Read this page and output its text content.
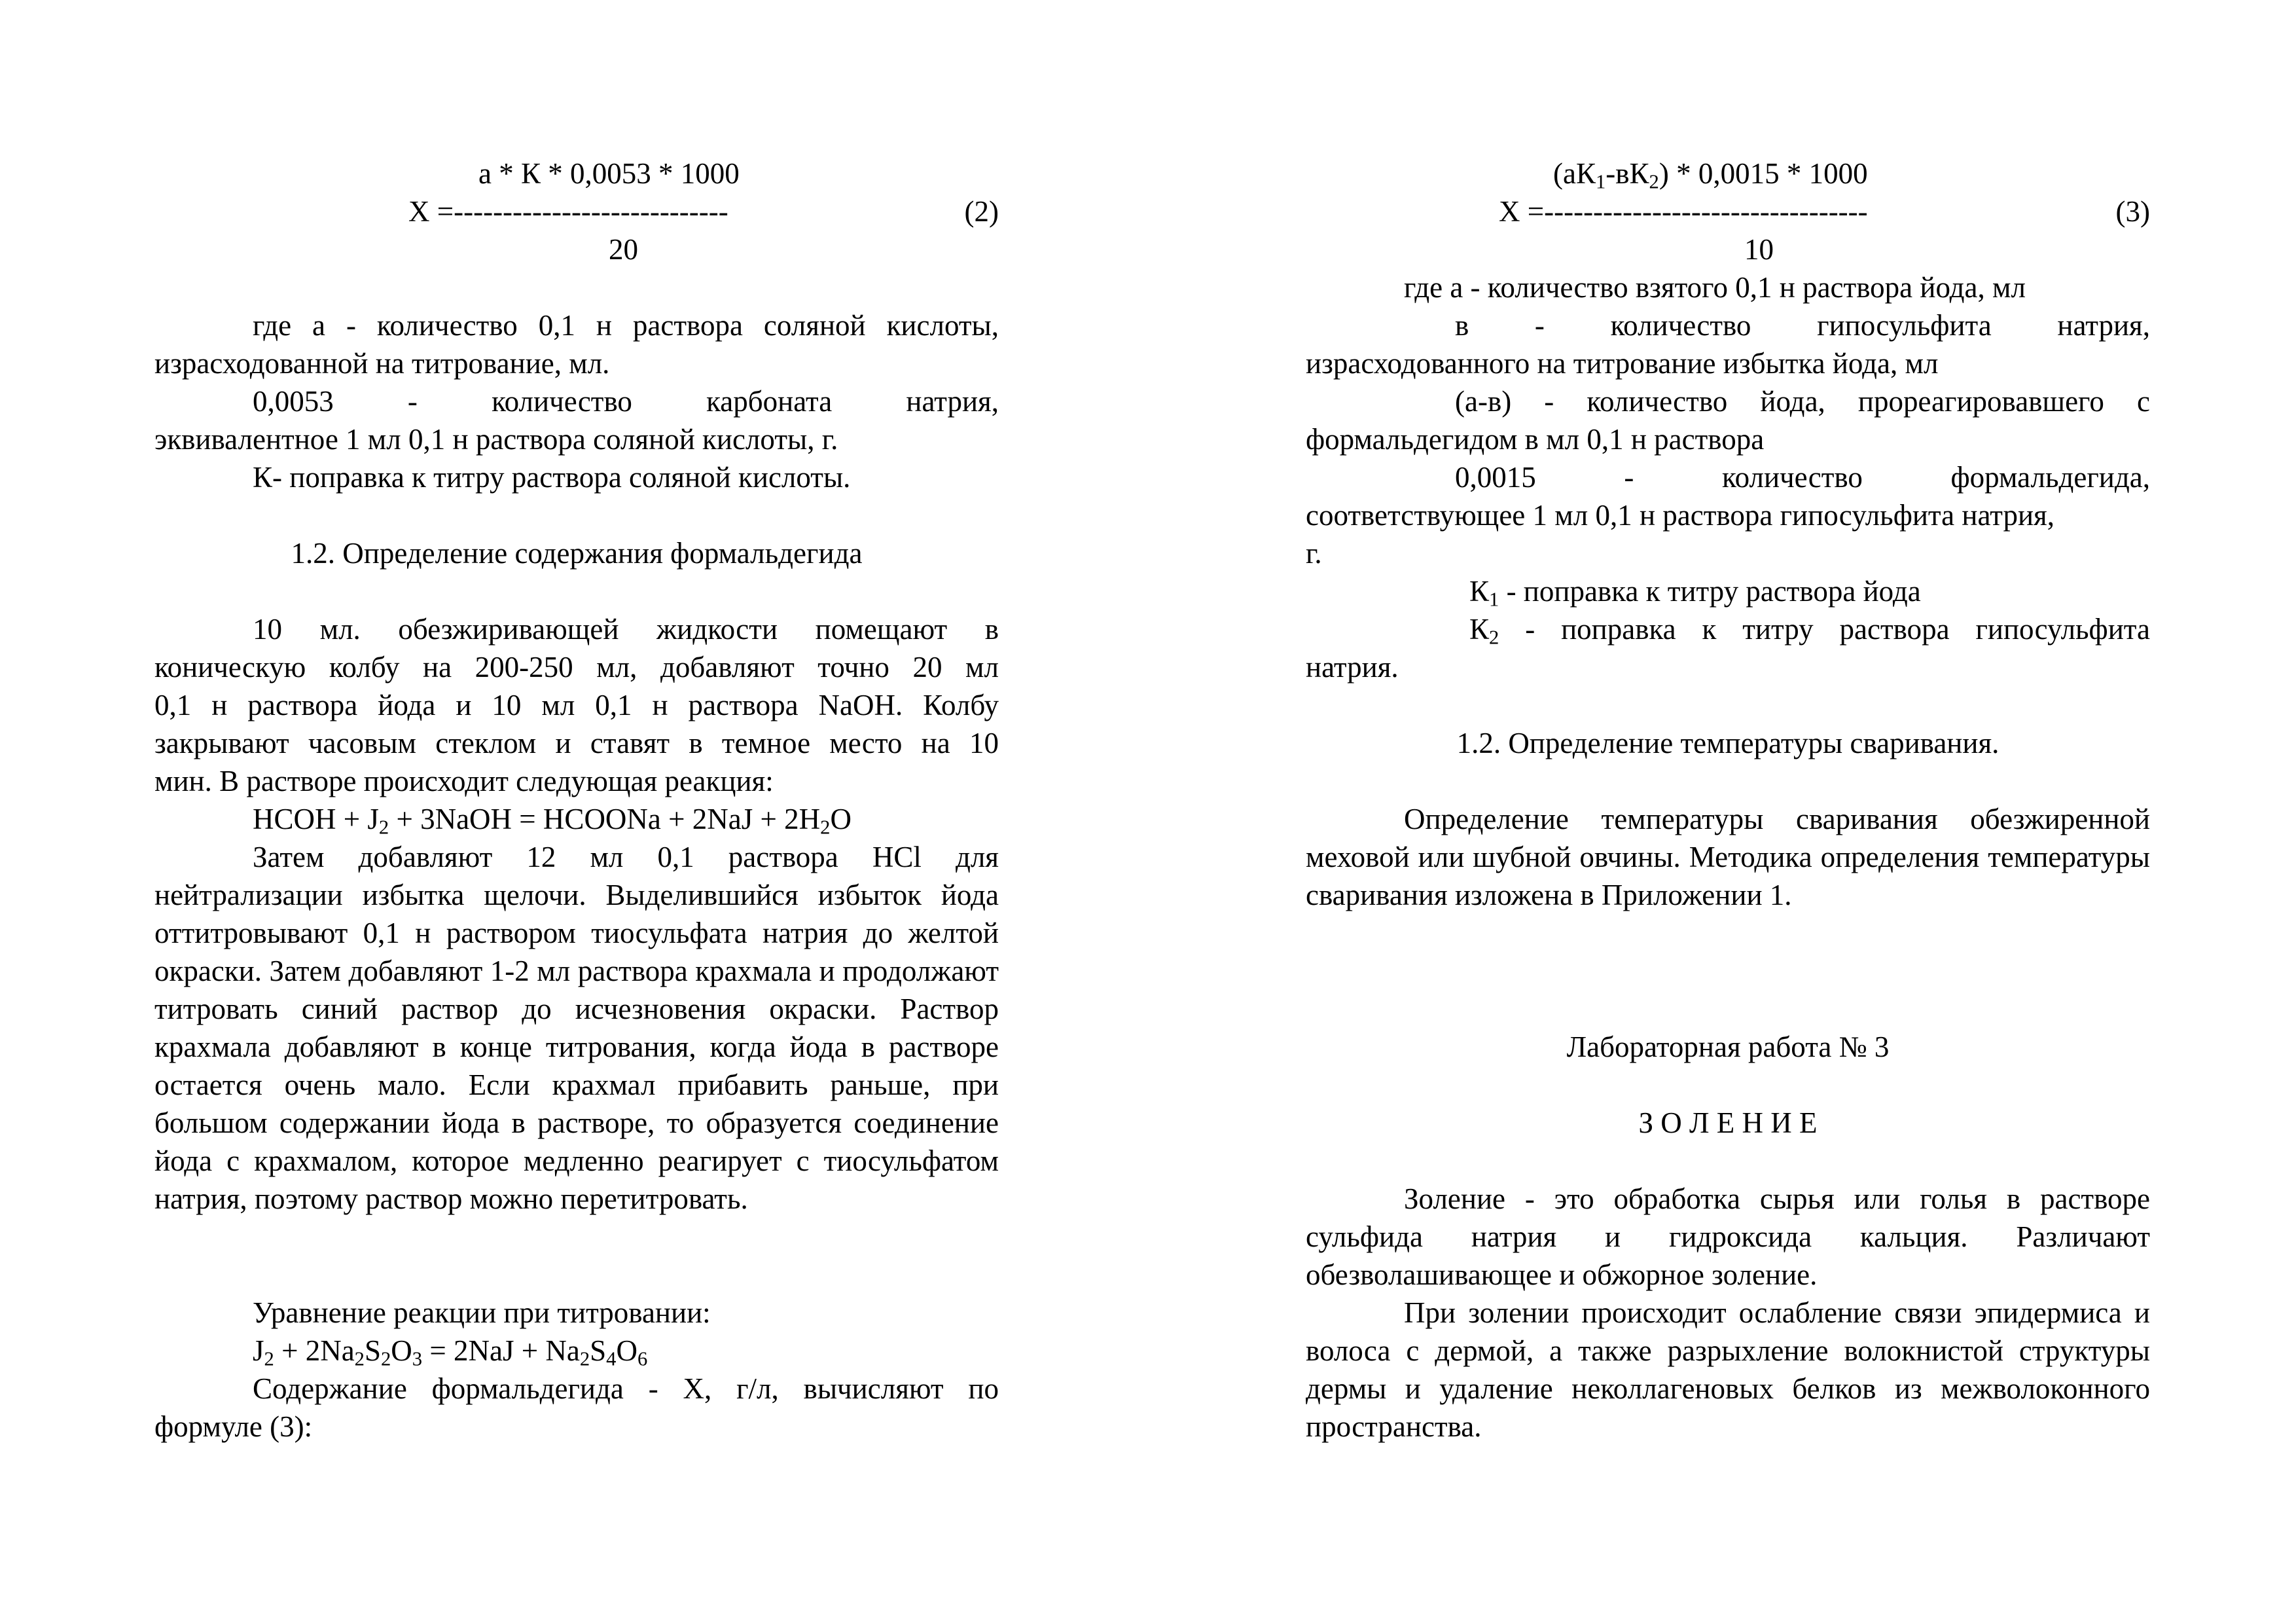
а * К * 0,0053 * 1000
Х =----------------------------	(2)
20
где а - количество 0,1 н раствора соляной кислоты,
израсходованной на титрование, мл.
0,0053 - количество карбоната натрия,
эквивалентное 1 мл 0,1 н раствора соляной кислоты, г.
К- поправка к титру раствора соляной кислоты.
1.2. Определение содержания формальдегида
10 мл. обезжиривающей жидкости помещают в
коническую колбу на 200-250 мл, добавляют точно 20 мл
0,1 н раствора йода и 10 мл 0,1 н раствора NaOH. Колбу
закрывают часовым стеклом и ставят в темное место на 10
мин. В растворе происходит следующая реакция:
HCOH + $J_2$ + 3NaOH = HCOONa + $2NaJ + 2H_2O$
Затем добавляют 12 мл 0,1 раствора HCl для нейтрализации избытка щелочи. Выделившийся избыток йода оттитровывают 0,1 н раствором тиосульфата натрия до желтой окраски. Затем добавляют 1-2 мл раствора крахмала и продолжают титровать синий раствор до исчезновения окраски. Раствор крахмала добавляют в конце титрования, когда йода в растворе остается очень мало. Если крахмал прибавить раньше, при большом содержании йода в растворе, то образуется соединение йода с крахмалом, которое медленно реагирует с тиосульфатом натрия, поэтому раствор можно перетитровать.
Уравнение реакции при титровании:
$J_2 + 2Na_2S_2O_3 = 2NaJ + Na_2S_4O_6$
Содержание формальдегида - Х, г/л, вычисляют по
формуле (3):
$(аК_1-вК_2) * 0,0015 * 1000$
Х =---------------------------------	(3)
10
где а - количество взятого 0,1 н раствора йода, мл
в - количество гипосульфита натрия,
израсходованного на титрование избытка йода, мл
(а-в) - количество йода, прореагировавшего с
формальдегидом в мл 0,1 н раствора
0,0015 - количество формальдегида,
соответствующее 1 мл 0,1 н раствора гипосульфита натрия,
г.
$К_1$ - поправка к титру раствора йода
$К_2$ - поправка к титру раствора гипосульфита
натрия.
1.2. Определение температуры сваривания.
Определение температуры сваривания обезжиренной меховой или шубной овчины. Методика определения температуры сваривания изложена в Приложении 1.
Лабораторная работа № 3
З О Л Е Н И Е
Золение - это обработка сырья или голья в растворе сульфида натрия и гидроксида кальция. Различают обезволашивающее и обжорное золение.
При золении происходит ослабление связи эпидермиса и волоса с дермой, а также разрыхление волокнистой структуры дермы и удаление неколлагеновых белков из межволоконного пространства.
